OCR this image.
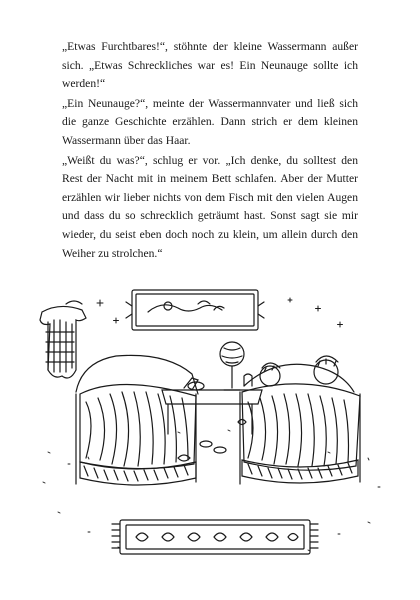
„Etwas Furchtbares!“, stöhnte der kleine Wassermann außer sich. „Etwas Schreckliches war es! Ein Neunauge sollte ich werden!“

„Ein Neunauge?“, meinte der Wassermannvater und ließ sich die ganze Geschichte erzählen. Dann strich er dem kleinen Wassermann über das Haar.

„Weißt du was?“, schlug er vor. „Ich denke, du solltest den Rest der Nacht mit in meinem Bett schlafen. Aber der Mutter erzählen wir lieber nichts von dem Fisch mit den vielen Augen und dass du so schrecklich geträumt hast. Sonst sagt sie mir wieder, du seist eben doch noch zu klein, um allein durch den Weiher zu strolchen.“
